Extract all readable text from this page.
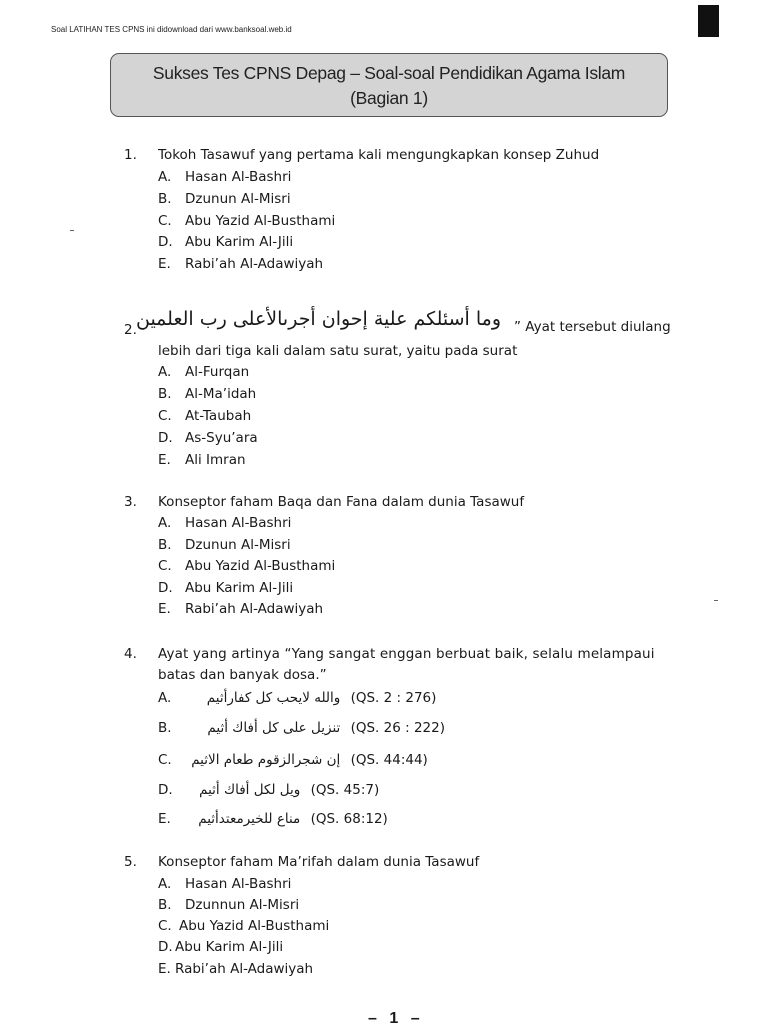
Soal LATIHAN TES CPNS ini didownload dari www.banksoal.web.id
Sukses Tes CPNS Depag – Soal-soal Pendidikan Agama Islam
(Bagian 1)
1. Tokoh Tasawuf yang pertama kali mengungkapkan konsep Zuhud
A. Hasan Al-Bashri
B. Dzunun Al-Misri
C. Abu Yazid Al-Busthami
D. Abu Karim Al-Jili
E. Rabi’ah Al-Adawiyah
2. وما أسئلكم علية إحوان أجرىالأعلى رب العلمين ” Ayat tersebut diulang
lebih dari tiga kali dalam satu surat, yaitu pada surat
A. Al-Furqan
B. Al-Ma’idah
C. At-Taubah
D. As-Syu’ara
E. Ali Imran
3. Konseptor faham Baqa dan Fana dalam dunia Tasawuf
A. Hasan Al-Bashri
B. Dzunun Al-Misri
C. Abu Yazid Al-Busthami
D. Abu Karim Al-Jili
E. Rabi’ah Al-Adawiyah
4. Ayat yang artinya “Yang sangat enggan berbuat baik, selalu melampaui
batas dan banyak dosa.”
A.	والله لايحب كل كفارأثيم (QS. 2 : 276)
B.	تنزيل على كل أفاك أثيم (QS. 26 : 222)
C. إن شجرالزقوم طعام الاثيم (QS. 44:44)
D. ويل لكل أفاك أثيم (QS. 45:7)
E. مناع للخيرمعتدأثيم (QS. 68:12)
5. Konseptor faham Ma’rifah dalam dunia Tasawuf
A. Hasan Al-Bashri
B. Dzunnun Al-Misri
C. Abu Yazid Al-Busthami
D. Abu Karim Al-Jili
E. Rabi’ah Al-Adawiyah
– 1 –
